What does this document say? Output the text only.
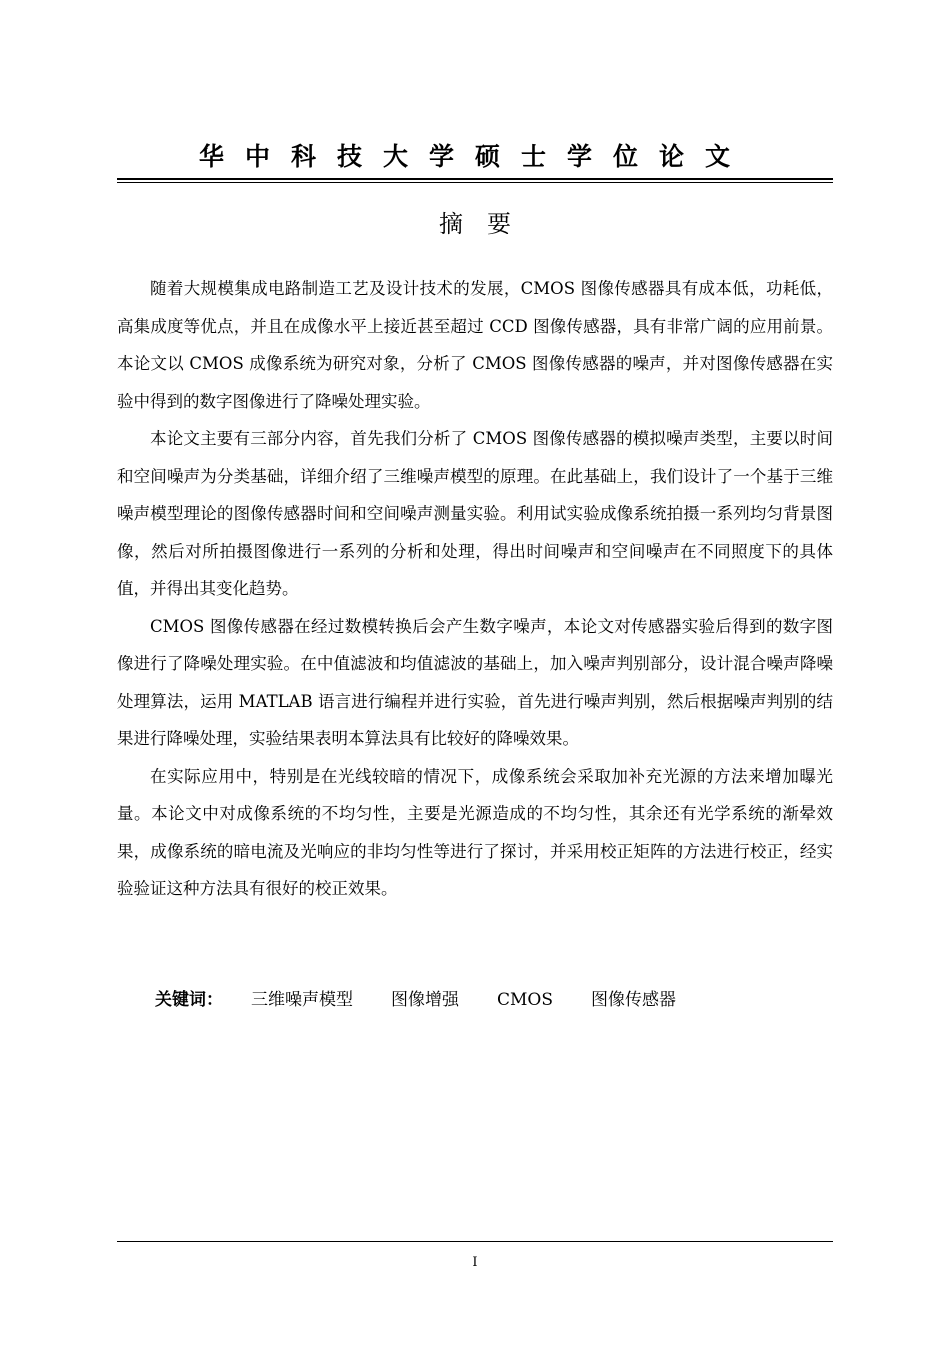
华中科技大学硕士学位论文
摘要

随着大规模集成电路制造工艺及设计技术的发展，CMOS 图像传感器具有成本低，功耗低，高集成度等优点，并且在成像水平上接近甚至超过 CCD 图像传感器，具有非常广阔的应用前景。本论文以 CMOS 成像系统为研究对象，分析了 CMOS 图像传感器的噪声，并对图像传感器在实验中得到的数字图像进行了降噪处理实验。

本论文主要有三部分内容，首先我们分析了 CMOS 图像传感器的模拟噪声类型，主要以时间和空间噪声为分类基础，详细介绍了三维噪声模型的原理。在此基础上，我们设计了一个基于三维噪声模型理论的图像传感器时间和空间噪声测量实验。利用试实验成像系统拍摄一系列均匀背景图像，然后对所拍摄图像进行一系列的分析和处理，得出时间噪声和空间噪声在不同照度下的具体值，并得出其变化趋势。

CMOS 图像传感器在经过数模转换后会产生数字噪声，本论文对传感器实验后得到的数字图像进行了降噪处理实验。在中值滤波和均值滤波的基础上，加入噪声判别部分，设计混合噪声降噪处理算法，运用 MATLAB 语言进行编程并进行实验，首先进行噪声判别，然后根据噪声判别的结果进行降噪处理，实验结果表明本算法具有比较好的降噪效果。

在实际应用中，特别是在光线较暗的情况下，成像系统会采取加补充光源的方法来增加曝光量。本论文中对成像系统的不均匀性，主要是光源造成的不均匀性，其余还有光学系统的渐晕效果，成像系统的暗电流及光响应的非均匀性等进行了探讨，并采用校正矩阵的方法进行校正，经实验验证这种方法具有很好的校正效果。

关键词： 三维噪声模型 图像增强 CMOS 图像传感器
I
